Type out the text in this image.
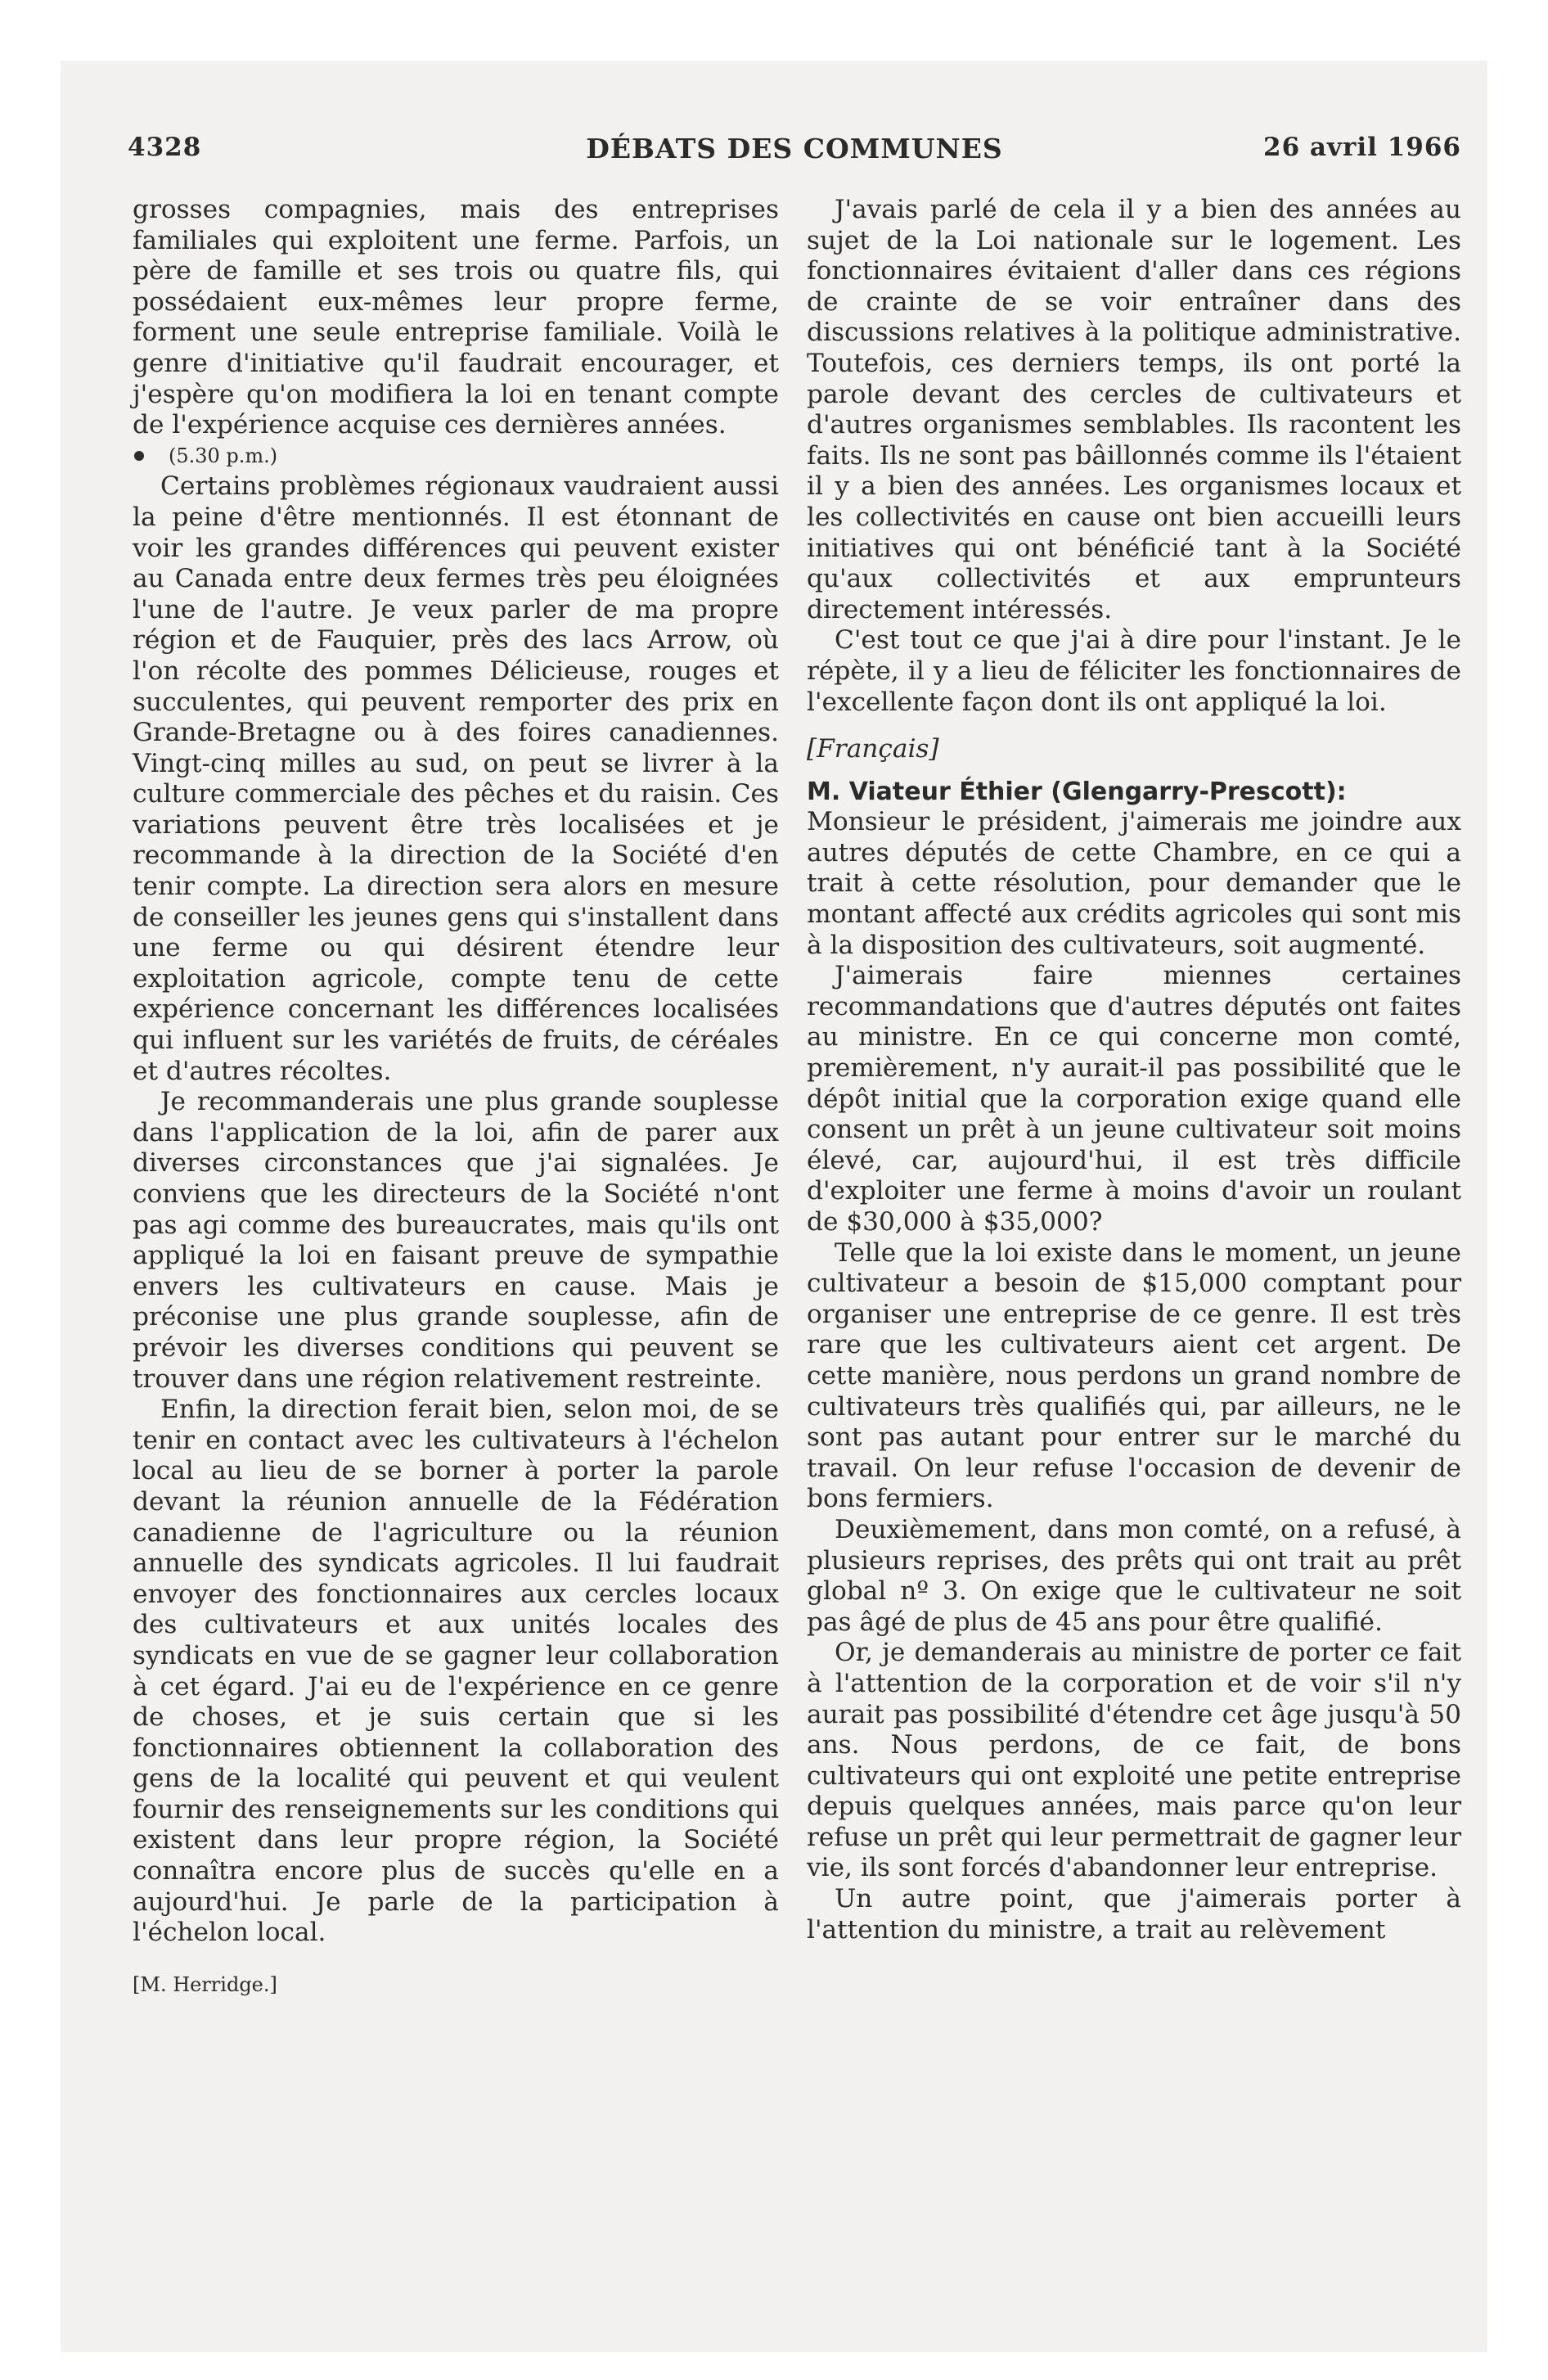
4328	DÉBATS DES COMMUNES	26 avril 1966

grosses compagnies, mais des entreprises familiales qui exploitent une ferme. Parfois, un père de famille et ses trois ou quatre fils, qui possédaient eux-mêmes leur propre ferme, forment une seule entreprise familiale. Voilà le genre d'initiative qu'il faudrait encourager, et j'espère qu'on modifiera la loi en tenant compte de l'expérience acquise ces dernières années.

(5.30 p.m.)

Certains problèmes régionaux vaudraient aussi la peine d'être mentionnés. Il est étonnant de voir les grandes différences qui peuvent exister au Canada entre deux fermes très peu éloignées l'une de l'autre. Je veux parler de ma propre région et de Fauquier, près des lacs Arrow, où l'on récolte des pommes Délicieuse, rouges et succulentes, qui peuvent remporter des prix en Grande-Bretagne ou à des foires canadiennes. Vingt-cinq milles au sud, on peut se livrer à la culture commerciale des pêches et du raisin. Ces variations peuvent être très localisées et je recommande à la direction de la Société d'en tenir compte. La direction sera alors en mesure de conseiller les jeunes gens qui s'installent dans une ferme ou qui désirent étendre leur exploitation agricole, compte tenu de cette expérience concernant les différences localisées qui influent sur les variétés de fruits, de céréales et d'autres récoltes.

Je recommanderais une plus grande souplesse dans l'application de la loi, afin de parer aux diverses circonstances que j'ai signalées. Je conviens que les directeurs de la Société n'ont pas agi comme des bureaucrates, mais qu'ils ont appliqué la loi en faisant preuve de sympathie envers les cultivateurs en cause. Mais je préconise une plus grande souplesse, afin de prévoir les diverses conditions qui peuvent se trouver dans une région relativement restreinte.

Enfin, la direction ferait bien, selon moi, de se tenir en contact avec les cultivateurs à l'échelon local au lieu de se borner à porter la parole devant la réunion annuelle de la Fédération canadienne de l'agriculture ou la réunion annuelle des syndicats agricoles. Il lui faudrait envoyer des fonctionnaires aux cercles locaux des cultivateurs et aux unités locales des syndicats en vue de se gagner leur collaboration à cet égard. J'ai eu de l'expérience en ce genre de choses, et je suis certain que si les fonctionnaires obtiennent la collaboration des gens de la localité qui peuvent et qui veulent fournir des renseignements sur les conditions qui existent dans leur propre région, la Société connaîtra encore plus de succès qu'elle en a aujourd'hui. Je parle de la participation à l'échelon local.

[M. Herridge.]

J'avais parlé de cela il y a bien des années au sujet de la Loi nationale sur le logement. Les fonctionnaires évitaient d'aller dans ces régions de crainte de se voir entraîner dans des discussions relatives à la politique administrative. Toutefois, ces derniers temps, ils ont porté la parole devant des cercles de cultivateurs et d'autres organismes semblables. Ils racontent les faits. Ils ne sont pas bâillonnés comme ils l'étaient il y a bien des années. Les organismes locaux et les collectivités en cause ont bien accueilli leurs initiatives qui ont bénéficié tant à la Société qu'aux collectivités et aux emprunteurs directement intéressés.

C'est tout ce que j'ai à dire pour l'instant. Je le répète, il y a lieu de féliciter les fonctionnaires de l'excellente façon dont ils ont appliqué la loi.

[Français]

M. Viateur Éthier (Glengarry-Prescott):

Monsieur le président, j'aimerais me joindre aux autres députés de cette Chambre, en ce qui a trait à cette résolution, pour demander que le montant affecté aux crédits agricoles qui sont mis à la disposition des cultivateurs, soit augmenté.

J'aimerais faire miennes certaines recommandations que d'autres députés ont faites au ministre. En ce qui concerne mon comté, premièrement, n'y aurait-il pas possibilité que le dépôt initial que la corporation exige quand elle consent un prêt à un jeune cultivateur soit moins élevé, car, aujourd'hui, il est très difficile d'exploiter une ferme à moins d'avoir un roulant de $30,000 à $35,000?

Telle que la loi existe dans le moment, un jeune cultivateur a besoin de $15,000 comptant pour organiser une entreprise de ce genre. Il est très rare que les cultivateurs aient cet argent. De cette manière, nous perdons un grand nombre de cultivateurs très qualifiés qui, par ailleurs, ne le sont pas autant pour entrer sur le marché du travail. On leur refuse l'occasion de devenir de bons fermiers.

Deuxièmement, dans mon comté, on a refusé, à plusieurs reprises, des prêts qui ont trait au prêt global nº 3. On exige que le cultivateur ne soit pas âgé de plus de 45 ans pour être qualifié.

Or, je demanderais au ministre de porter ce fait à l'attention de la corporation et de voir s'il n'y aurait pas possibilité d'étendre cet âge jusqu'à 50 ans. Nous perdons, de ce fait, de bons cultivateurs qui ont exploité une petite entreprise depuis quelques années, mais parce qu'on leur refuse un prêt qui leur permettrait de gagner leur vie, ils sont forcés d'abandonner leur entreprise.

Un autre point, que j'aimerais porter à l'attention du ministre, a trait au relèvement
